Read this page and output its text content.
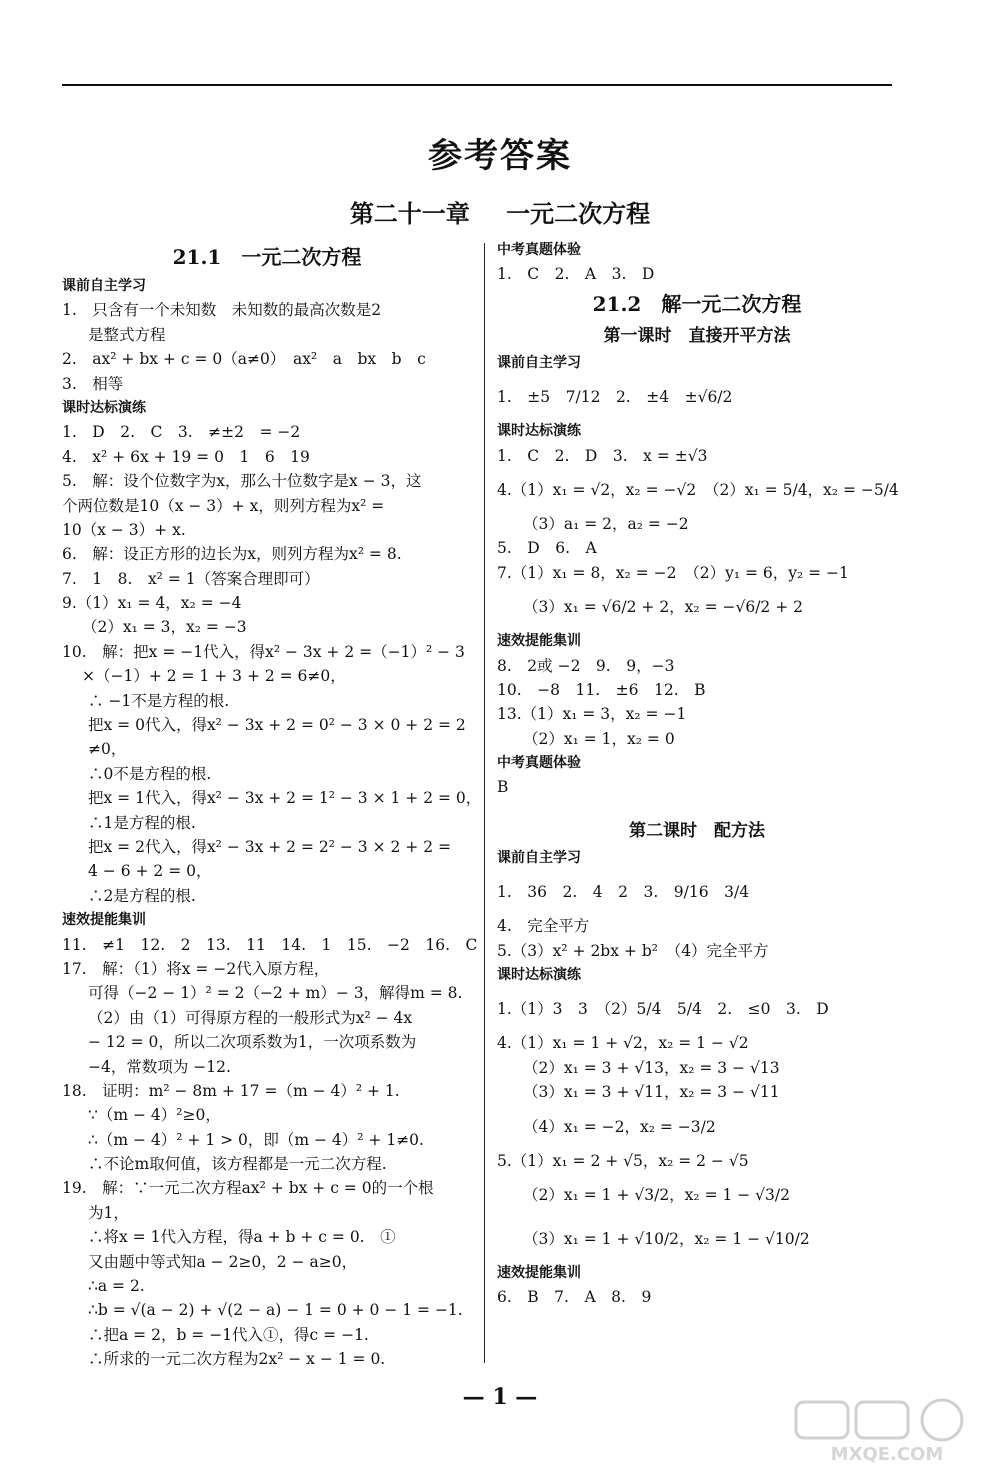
参考答案
第二十一章 一元二次方程
21.1　一元二次方程
课前自主学习
1.　只含有一个未知数　未知数的最高次数是2
是整式方程
2.　ax² + bx + c = 0（a≠0）　ax²　a　bx　b　c
3.　相等
课时达标演练
1.　D　2.　C　3.　≠±2　= −2
4.　x² + 6x + 19 = 0　1　6　19
5.　解：设个位数字为x，那么十位数字是x − 3，这
个两位数是10（x − 3）+ x，则列方程为x² =
10（x − 3）+ x.
6.　解：设正方形的边长为x，则列方程为x² = 8.
7.　1　8.　x² = 1（答案合理即可）
9.（1）x₁ = 4，x₂ = −4
（2）x₁ = 3，x₂ = −3
10.　解：把x = −1代入，得x² − 3x + 2 =（−1）² − 3
×（−1）+ 2 = 1 + 3 + 2 = 6≠0，
∴ −1不是方程的根.
把x = 0代入，得x² − 3x + 2 = 0² − 3 × 0 + 2 = 2
≠0，
∴0不是方程的根.
把x = 1代入，得x² − 3x + 2 = 1² − 3 × 1 + 2 = 0，
∴1是方程的根.
把x = 2代入，得x² − 3x + 2 = 2² − 3 × 2 + 2 =
4 − 6 + 2 = 0，
∴2是方程的根.
速效提能集训
11.　≠1　12.　2　13.　11　14.　1　15.　−2　16.　C
17.　解：（1）将x = −2代入原方程，
可得（−2 − 1）² = 2（−2 + m）− 3，解得m = 8.
（2）由（1）可得原方程的一般形式为x² − 4x
− 12 = 0，所以二次项系数为1，一次项系数为
−4，常数项为 −12.
18.　证明：m² − 8m + 17 =（m − 4）² + 1.
∵（m − 4）²≥0，
∴（m − 4）² + 1 > 0，即（m − 4）² + 1≠0.
∴不论m取何值，该方程都是一元二次方程.
19.　解：∵一元二次方程ax² + bx + c = 0的一个根
为1，
∴将x = 1代入方程，得a + b + c = 0.　①
又由题中等式知a − 2≥0，2 − a≥0，
∴a = 2.
∴b = √(a − 2) + √(2 − a) − 1 = 0 + 0 − 1 = −1.
∴把a = 2，b = −1代入①，得c = −1.
∴所求的一元二次方程为2x² − x − 1 = 0.
中考真题体验
1.　C　2.　A　3.　D
21.2　解一元二次方程
第一课时　直接开平方法
课前自主学习
1.　±5　7/12　2.　±4　±√6/2
课时达标演练
1.　C　2.　D　3.　x = ±√3
4.（1）x₁ = √2，x₂ = −√2　（2）x₁ = 5/4，x₂ = −5/4
（3）a₁ = 2，a₂ = −2
5.　D　6.　A
7.（1）x₁ = 8，x₂ = −2　（2）y₁ = 6，y₂ = −1
（3）x₁ = √6/2 + 2，x₂ = −√6/2 + 2
速效提能集训
8.　2或 −2　9.　9，−3
10.　−8　11.　±6　12.　B
13.（1）x₁ = 3，x₂ = −1
（2）x₁ = 1，x₂ = 0
中考真题体验
B
第二课时　配方法
课前自主学习
1.　36　2.　4　2　3.　9/16　3/4
4.　完全平方
5.（3）x² + 2bx + b²　（4）完全平方
课时达标演练
1.（1）3　3　（2）5/4　5/4　2.　≤0　3.　D
4.（1）x₁ = 1 + √2，x₂ = 1 − √2
（2）x₁ = 3 + √13，x₂ = 3 − √13
（3）x₁ = 3 + √11，x₂ = 3 − √11
（4）x₁ = −2，x₂ = −3/2
5.（1）x₁ = 2 + √5，x₂ = 2 − √5
（2）x₁ = 1 + √3/2，x₂ = 1 − √3/2
（3）x₁ = 1 + √10/2，x₂ = 1 − √10/2
速效提能集训
6.　B　7.　A　8.　9
— 1 —
MXQE.COM
